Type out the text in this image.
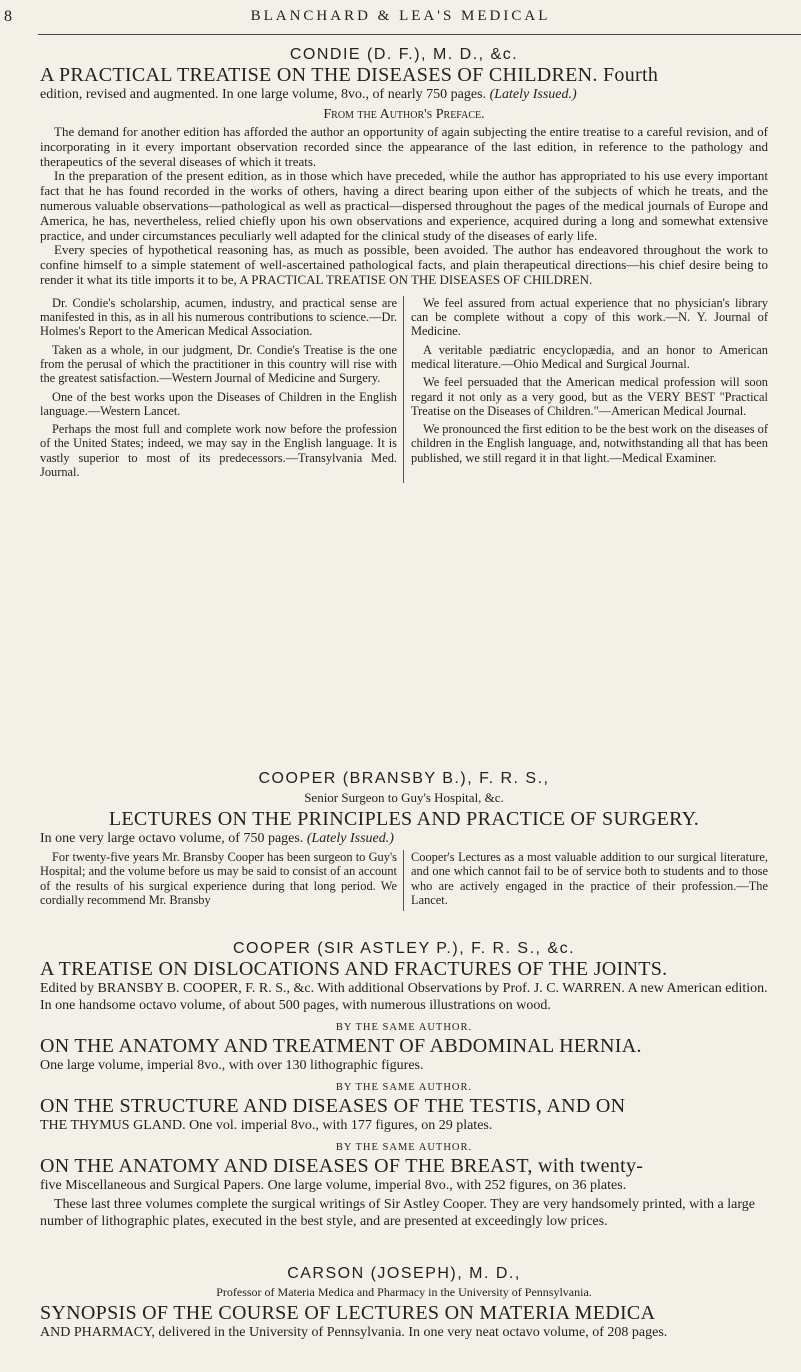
8	BLANCHARD & LEA'S MEDICAL

CONDIE (D. F.), M. D., &c.

A PRACTICAL TREATISE ON THE DISEASES OF CHILDREN. Fourth

edition, revised and augmented. In one large volume, 8vo., of nearly 750 pages. (Lately Issued.)

From the Author's Preface.

The demand for another edition has afforded the author an opportunity of again subjecting the entire treatise to a careful revision, and of incorporating in it every important observation recorded since the appearance of the last edition, in reference to the pathology and therapeutics of the several diseases of which it treats.

In the preparation of the present edition, as in those which have preceded, while the author has appropriated to his use every important fact that he has found recorded in the works of others, having a direct bearing upon either of the subjects of which he treats, and the numerous valuable observations—pathological as well as practical—dispersed throughout the pages of the medical journals of Europe and America, he has, nevertheless, relied chiefly upon his own observations and experience, acquired during a long and somewhat extensive practice, and under circumstances peculiarly well adapted for the clinical study of the diseases of early life.

Every species of hypothetical reasoning has, as much as possible, been avoided. The author has endeavored throughout the work to confine himself to a simple statement of well-ascertained pathological facts, and plain therapeutical directions—his chief desire being to render it what its title imports it to be, A PRACTICAL TREATISE ON THE DISEASES OF CHILDREN.

Dr. Condie's scholarship, acumen, industry, and practical sense are manifested in this, as in all his numerous contributions to science.—Dr. Holmes's Report to the American Medical Association.

Taken as a whole, in our judgment, Dr. Condie's Treatise is the one from the perusal of which the practitioner in this country will rise with the greatest satisfaction.—Western Journal of Medicine and Surgery.

One of the best works upon the Diseases of Children in the English language.—Western Lancet.

Perhaps the most full and complete work now before the profession of the United States; indeed, we may say in the English language. It is vastly superior to most of its predecessors.—Transylvania Med. Journal.

We feel assured from actual experience that no physician's library can be complete without a copy of this work.—N. Y. Journal of Medicine.

A veritable pædiatric encyclopædia, and an honor to American medical literature.—Ohio Medical and Surgical Journal.

We feel persuaded that the American medical profession will soon regard it not only as a very good, but as the VERY BEST "Practical Treatise on the Diseases of Children."—American Medical Journal.

We pronounced the first edition to be the best work on the diseases of children in the English language, and, notwithstanding all that has been published, we still regard it in that light.—Medical Examiner.

COOPER (BRANSBY B.), F. R. S.,

Senior Surgeon to Guy's Hospital, &c.

LECTURES ON THE PRINCIPLES AND PRACTICE OF SURGERY.

In one very large octavo volume, of 750 pages. (Lately Issued.)

For twenty-five years Mr. Bransby Cooper has been surgeon to Guy's Hospital; and the volume before us may be said to consist of an account of the results of his surgical experience during that long period. We cordially recommend Mr. Bransby

Cooper's Lectures as a most valuable addition to our surgical literature, and one which cannot fail to be of service both to students and to those who are actively engaged in the practice of their profession.—The Lancet.

COOPER (SIR ASTLEY P.), F. R. S., &c.

A TREATISE ON DISLOCATIONS AND FRACTURES OF THE JOINTS.

Edited by BRANSBY B. COOPER, F. R. S., &c. With additional Observations by Prof. J. C. WARREN. A new American edition. In one handsome octavo volume, of about 500 pages, with numerous illustrations on wood.

BY THE SAME AUTHOR.

ON THE ANATOMY AND TREATMENT OF ABDOMINAL HERNIA.

One large volume, imperial 8vo., with over 130 lithographic figures.

BY THE SAME AUTHOR.

ON THE STRUCTURE AND DISEASES OF THE TESTIS, AND ON

THE THYMUS GLAND. One vol. imperial 8vo., with 177 figures, on 29 plates.

BY THE SAME AUTHOR.

ON THE ANATOMY AND DISEASES OF THE BREAST, with twenty-

five Miscellaneous and Surgical Papers. One large volume, imperial 8vo., with 252 figures, on 36 plates.

These last three volumes complete the surgical writings of Sir Astley Cooper. They are very handsomely printed, with a large number of lithographic plates, executed in the best style, and are presented at exceedingly low prices.

CARSON (JOSEPH), M. D.,

Professor of Materia Medica and Pharmacy in the University of Pennsylvania.

SYNOPSIS OF THE COURSE OF LECTURES ON MATERIA MEDICA

AND PHARMACY, delivered in the University of Pennsylvania. In one very neat octavo volume, of 208 pages.
